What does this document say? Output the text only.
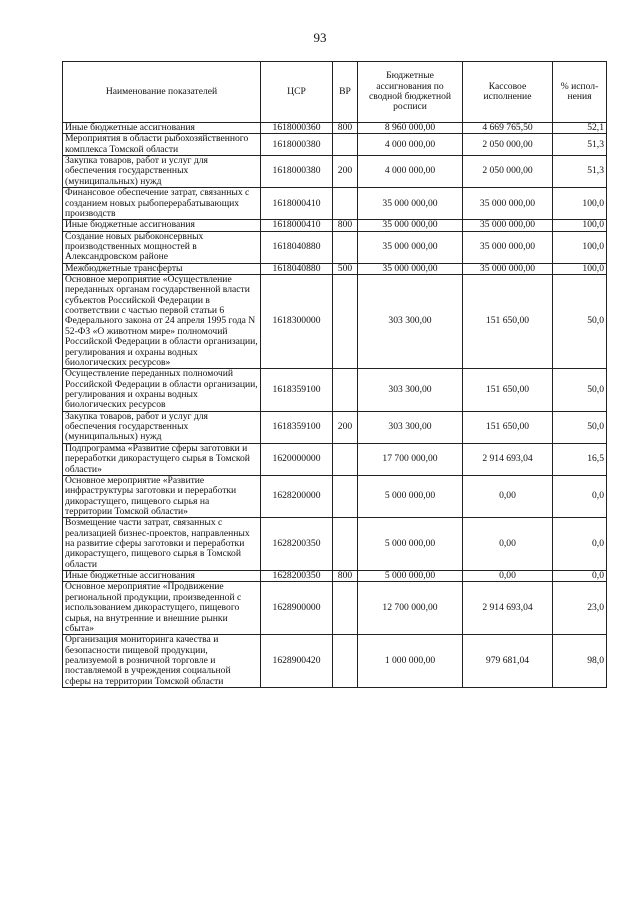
93
Наименование показателей	ЦСР	ВР	Бюджетные ассигнования по сводной бюджетной росписи	Кассовое исполнение	% испол- нения
Иные бюджетные ассигнования	1618000360	800	8 960 000,00	4 669 765,50	52,1
Мероприятия в области рыбохозяйственного комплекса Томской области	1618000380		4 000 000,00	2 050 000,00	51,3
Закупка товаров, работ и услуг для обеспечения государственных (муниципальных) нужд	1618000380	200	4 000 000,00	2 050 000,00	51,3
Финансовое обеспечение затрат, связанных с созданием новых рыбоперерабатывающих производств	1618000410		35 000 000,00	35 000 000,00	100,0
Иные бюджетные ассигнования	1618000410	800	35 000 000,00	35 000 000,00	100,0
Создание новых рыбоконсервных производственных мощностей в Александровском районе	1618040880		35 000 000,00	35 000 000,00	100,0
Межбюджетные трансферты	1618040880	500	35 000 000,00	35 000 000,00	100,0
Основное мероприятие «Осуществление переданных органам государственной власти субъектов Российской Федерации в соответствии с частью первой статьи 6 Федерального закона от 24 апреля 1995 года N 52-ФЗ «О животном мире» полномочий Российской Федерации в области организации, регулирования и охраны водных биологических ресурсов»	1618300000		303 300,00	151 650,00	50,0
Осуществление переданных полномочий Российской Федерации в области организации, регулирования и охраны водных биологических ресурсов	1618359100		303 300,00	151 650,00	50,0
Закупка товаров, работ и услуг для обеспечения государственных (муниципальных) нужд	1618359100	200	303 300,00	151 650,00	50,0
Подпрограмма «Развитие сферы заготовки и переработки дикорастущего сырья в Томской области»	1620000000		17 700 000,00	2 914 693,04	16,5
Основное мероприятие «Развитие инфраструктуры заготовки и переработки дикорастущего, пищевого сырья на территории Томской области»	1628200000		5 000 000,00	0,00	0,0
Возмещение части затрат, связанных с реализацией бизнес-проектов, направленных на развитие сферы заготовки и переработки дикорастущего, пищевого сырья в Томской области	1628200350		5 000 000,00	0,00	0,0
Иные бюджетные ассигнования	1628200350	800	5 000 000,00	0,00	0,0
Основное мероприятие «Продвижение региональной продукции, произведенной с использованием дикорастущего, пищевого сырья, на внутренние и внешние рынки сбыта»	1628900000		12 700 000,00	2 914 693,04	23,0
Организация мониторинга качества и безопасности пищевой продукции, реализуемой в розничной торговле и поставляемой в учреждения социальной сферы на территории Томской области	1628900420		1 000 000,00	979 681,04	98,0
